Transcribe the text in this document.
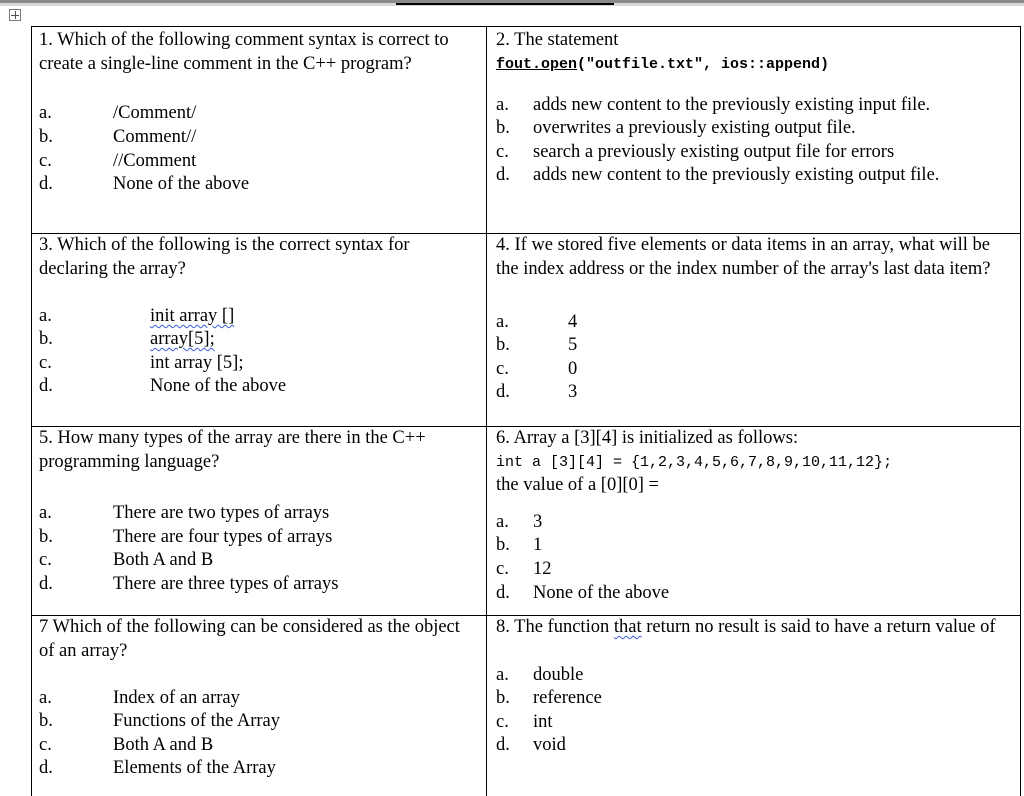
1. Which of the following comment syntax is correct to create a single-line comment in the C++ program?

a.	/Comment/
b.	Comment//
c.	//Comment
d.	None of the above

2. The statement

fout.open("outfile.txt", ios::append)

a. adds new content to the previously existing input file.
b. overwrites a previously existing output file.
c. search a previously existing output file for errors
d. adds new content to the previously existing output file.

3. Which of the following is the correct syntax for declaring the array?

a.	init array []
b.	array[5];
c.	int array [5];
d.	None of the above

4. If we stored five elements or data items in an array, what will be the index address or the index number of the array's last data item?

a.	4
b.	5
c.	0
d.	3

5. How many types of the array are there in the C++ programming language?

a.	There are two types of arrays
b.	There are four types of arrays
c.	Both A and B
d.	There are three types of arrays

6. Array a [3][4] is initialized as follows:

int a [3][4] = {1,2,3,4,5,6,7,8,9,10,11,12};

the value of a [0][0] =

a. 3
b. 1
c. 12
d. None of the above

7 Which of the following can be considered as the object of an array?

a.	Index of an array
b.	Functions of the Array
c.	Both A and B
d.	Elements of the Array

8. The function that return no result is said to have a return value of

a. double
b. reference
c. int
d. void
